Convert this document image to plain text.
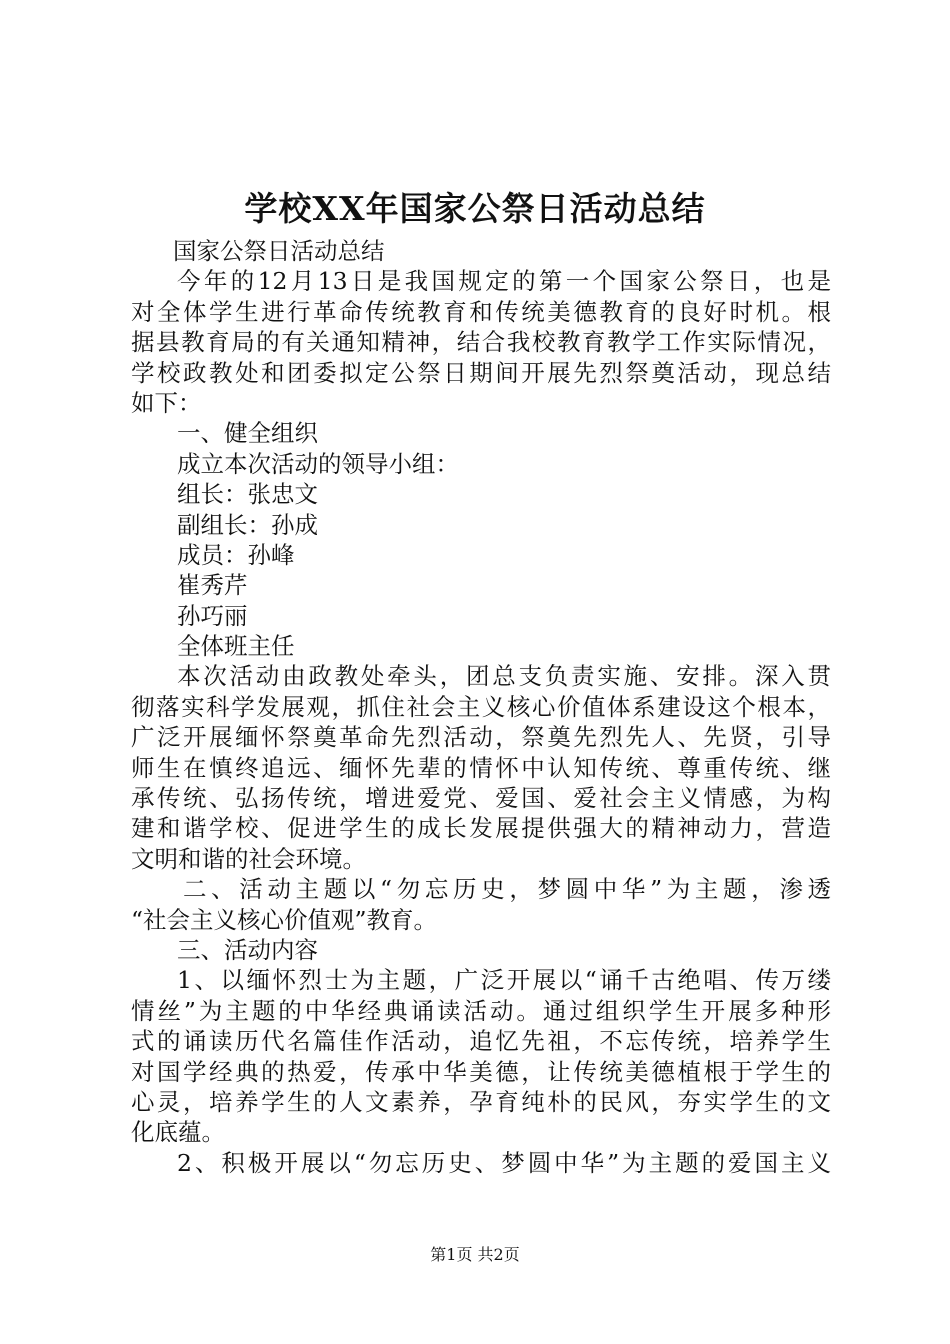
学校XX年国家公祭日活动总结
国家公祭日活动总结
今年的12月13日是我国规定的第一个国家公祭日，也是
对全体学生进行革命传统教育和传统美德教育的良好时机。根
据县教育局的有关通知精神，结合我校教育教学工作实际情况，
学校政教处和团委拟定公祭日期间开展先烈祭奠活动，现总结
如下：
一、健全组织
成立本次活动的领导小组：
组长：张忠文
副组长：孙成
成员：孙峰
崔秀芹
孙巧丽
全体班主任
本次活动由政教处牵头，团总支负责实施、安排。深入贯
彻落实科学发展观，抓住社会主义核心价值体系建设这个根本，
广泛开展缅怀祭奠革命先烈活动，祭奠先烈先人、先贤，引导
师生在慎终追远、缅怀先辈的情怀中认知传统、尊重传统、继
承传统、弘扬传统，增进爱党、爱国、爱社会主义情感，为构
建和谐学校、促进学生的成长发展提供强大的精神动力，营造
文明和谐的社会环境。
二、活动主题以“勿忘历史，梦圆中华”为主题，渗透
“社会主义核心价值观”教育。
三、活动内容
1、以缅怀烈士为主题，广泛开展以“诵千古绝唱、传万缕
情丝”为主题的中华经典诵读活动。通过组织学生开展多种形
式的诵读历代名篇佳作活动，追忆先祖，不忘传统，培养学生
对国学经典的热爱，传承中华美德，让传统美德植根于学生的
心灵，培养学生的人文素养，孕育纯朴的民风，夯实学生的文
化底蕴。
2、积极开展以“勿忘历史、梦圆中华”为主题的爱国主义
第1页 共2页
